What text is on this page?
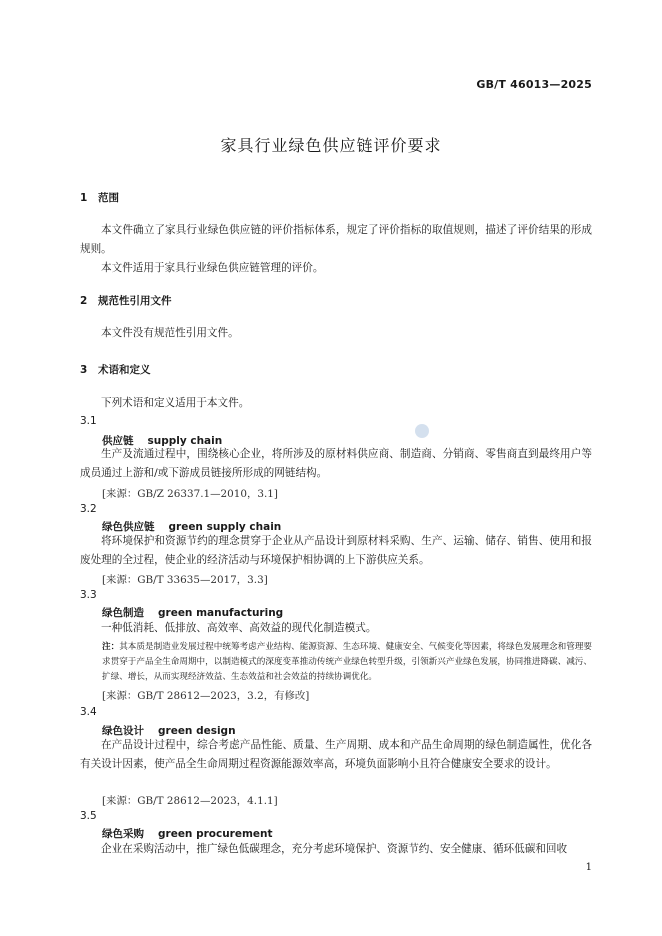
GB/T 46013—2025
家具行业绿色供应链评价要求
1 范围
本文件确立了家具行业绿色供应链的评价指标体系，规定了评价指标的取值规则，描述了评价结果的形成规则。
本文件适用于家具行业绿色供应链管理的评价。
2 规范性引用文件
本文件没有规范性引用文件。
3 术语和定义
下列术语和定义适用于本文件。
3.1
供应链 supply chain
生产及流通过程中，围绕核心企业，将所涉及的原材料供应商、制造商、分销商、零售商直到最终用户等成员通过上游和/或下游成员链接所形成的网链结构。
[来源：GB/Z 26337.1—2010，3.1]
3.2
绿色供应链 green supply chain
将环境保护和资源节约的理念贯穿于企业从产品设计到原材料采购、生产、运输、储存、销售、使用和报废处理的全过程，使企业的经济活动与环境保护相协调的上下游供应关系。
[来源：GB/T 33635—2017，3.3]
3.3
绿色制造 green manufacturing
一种低消耗、低排放、高效率、高效益的现代化制造模式。
注：其本质是制造业发展过程中统筹考虑产业结构、能源资源、生态环境、健康安全、气候变化等因素，将绿色发展理念和管理要求贯穿于产品全生命周期中，以制造模式的深度变革推动传统产业绿色转型升级，引领新兴产业绿色发展，协同推进降碳、减污、扩绿、增长，从而实现经济效益、生态效益和社会效益的持续协调优化。
[来源：GB/T 28612—2023，3.2，有修改]
3.4
绿色设计 green design
在产品设计过程中，综合考虑产品性能、质量、生产周期、成本和产品生命周期的绿色制造属性，优化各有关设计因素，使产品全生命周期过程资源能源效率高，环境负面影响小且符合健康安全要求的设计。
[来源：GB/T 28612—2023，4.1.1]
3.5
绿色采购 green procurement
企业在采购活动中，推广绿色低碳理念，充分考虑环境保护、资源节约、安全健康、循环低碳和回收
1
